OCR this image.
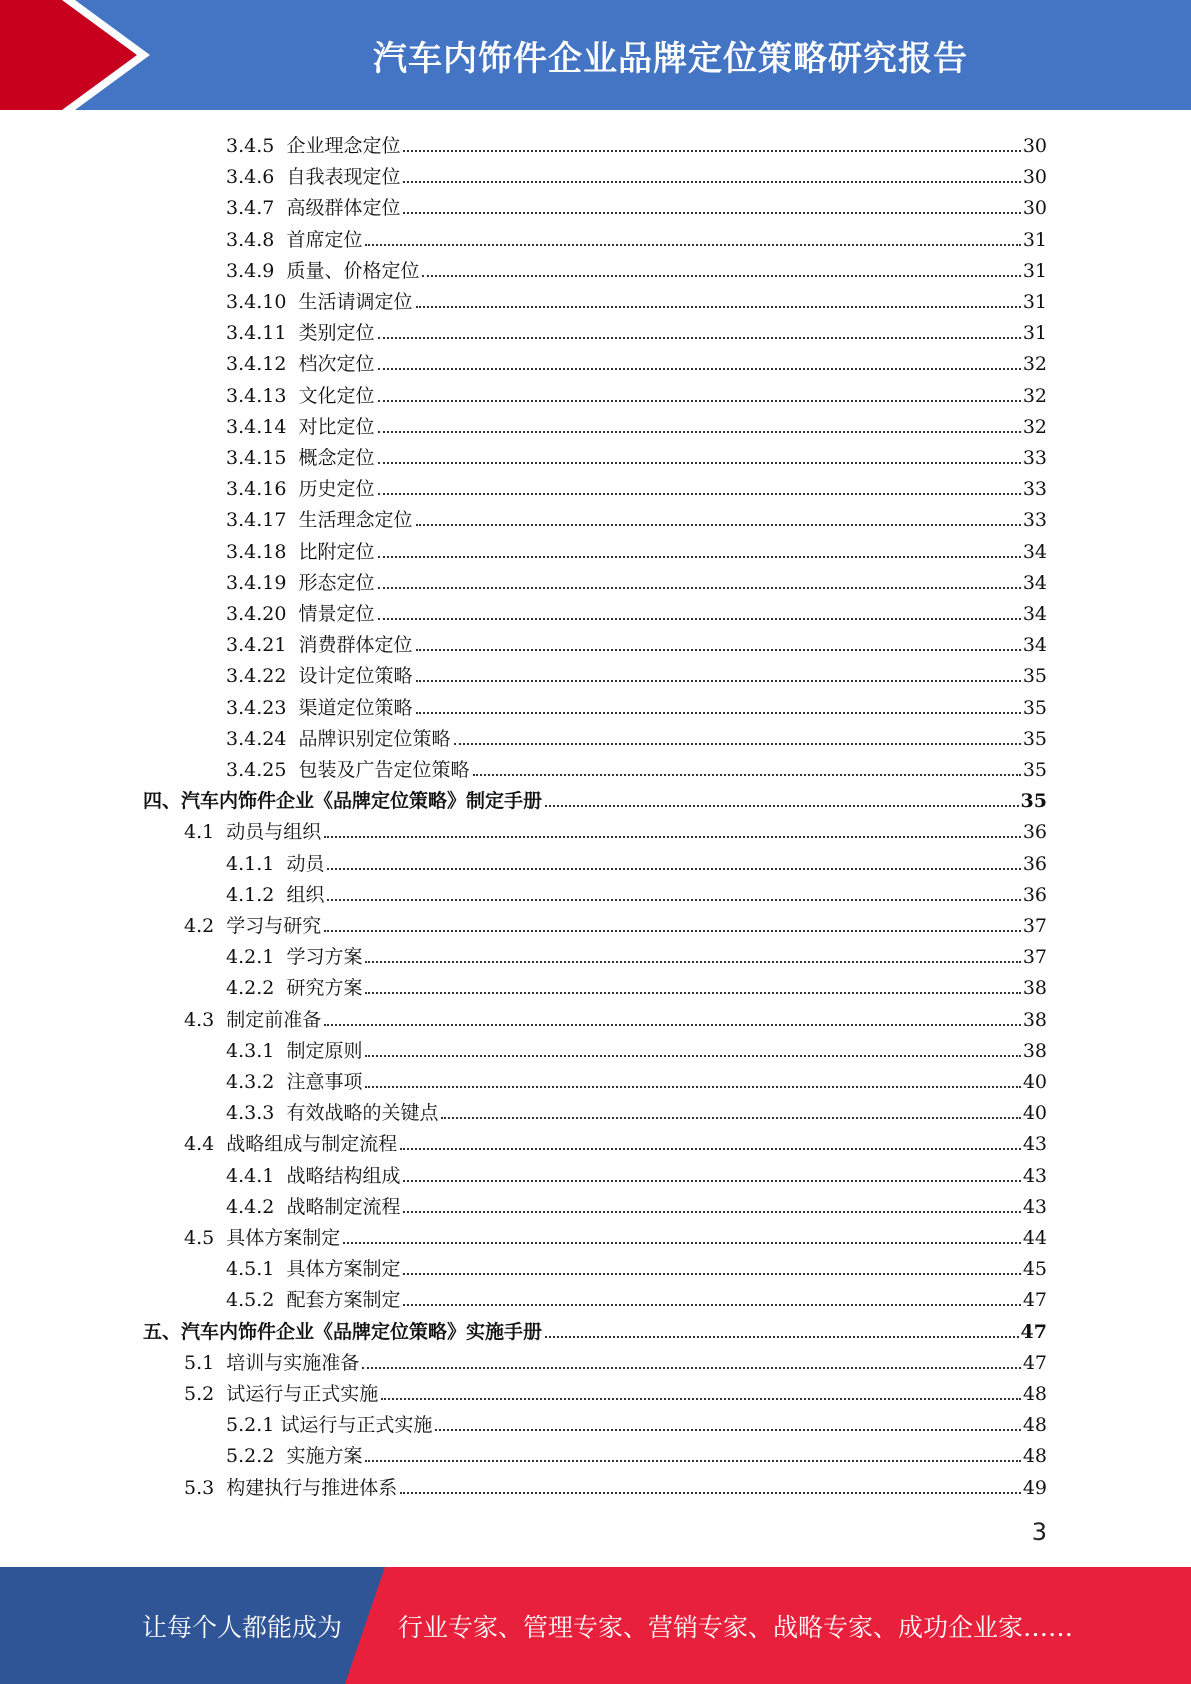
汽车内饰件企业品牌定位策略研究报告
3.4.5 企业理念定位	30
3.4.6 自我表现定位	30
3.4.7 高级群体定位	30
3.4.8 首席定位	31
3.4.9 质量、价格定位	31
3.4.10 生活请调定位	31
3.4.11 类别定位	31
3.4.12 档次定位	32
3.4.13 文化定位	32
3.4.14 对比定位	32
3.4.15 概念定位	33
3.4.16 历史定位	33
3.4.17 生活理念定位	33
3.4.18 比附定位	34
3.4.19 形态定位	34
3.4.20 情景定位	34
3.4.21 消费群体定位	34
3.4.22 设计定位策略	35
3.4.23 渠道定位策略	35
3.4.24 品牌识别定位策略	35
3.4.25 包装及广告定位策略	35
四、 汽车内饰件企业《品牌定位策略》制定手册	35
4.1 动员与组织	36
4.1.1 动员	36
4.1.2 组织	36
4.2 学习与研究	37
4.2.1 学习方案	37
4.2.2 研究方案	38
4.3 制定前准备	38
4.3.1 制定原则	38
4.3.2 注意事项	40
4.3.3 有效战略的关键点	40
4.4 战略组成与制定流程	43
4.4.1 战略结构组成	43
4.4.2 战略制定流程	43
4.5 具体方案制定	44
4.5.1 具体方案制定	45
4.5.2 配套方案制定	47
五、 汽车内饰件企业《品牌定位策略》实施手册	47
5.1 培训与实施准备	47
5.2 试运行与正式实施	48
5.2.1 试运行与正式实施	48
5.2.2 实施方案	48
5.3 构建执行与推进体系	49
3
让每个人都能成为 行业专家、管理专家、营销专家、战略专家、成功企业家……
